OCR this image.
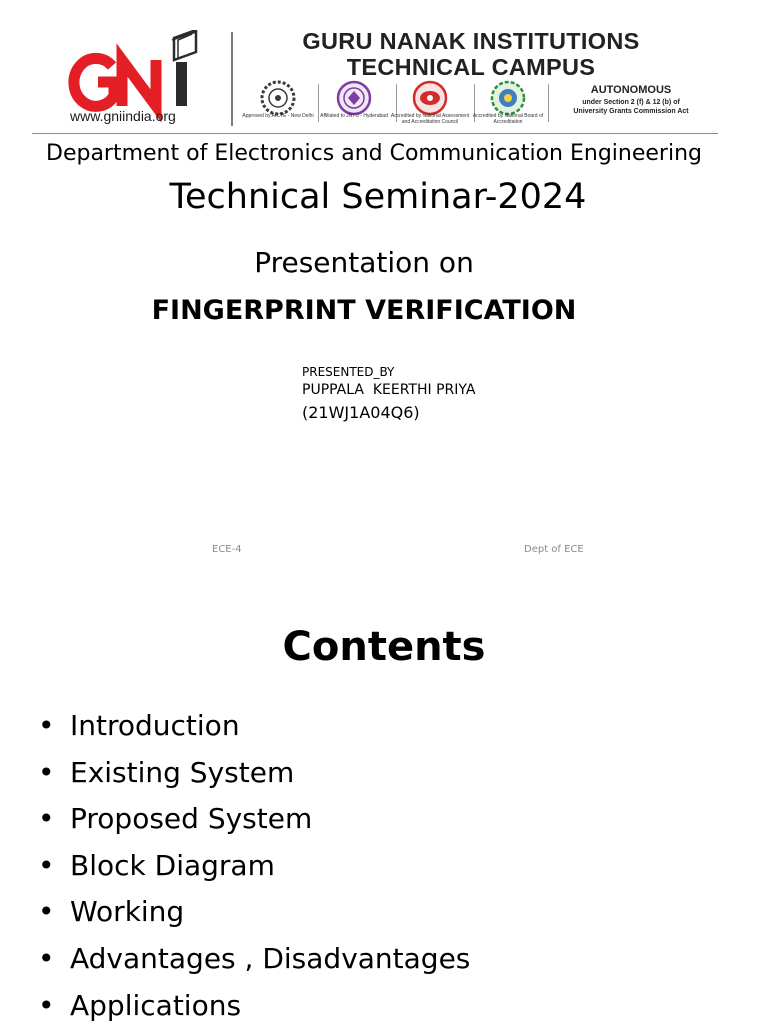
www.gniindia.org
GURU NANAK INSTITUTIONS
TECHNICAL CAMPUS
Approved by AICTE - New Delhi	Affiliated to JNTU - Hyderabad Accredited by National Assessment and Accreditation Council
Accredited by National Board of Accreditation
AUTONOMOUS
under Section 2 (f) & 12 (b) of
University Grants Commission Act
Department of Electronics and Communication Engineering
Technical Seminar-2024
Presentation on
FINGERPRINT VERIFICATION
PRESENTED_BY
PUPPALA  KEERTHI PRIYA
(21WJ1A04Q6)
ECE-4	Dept of ECE
Contents
• Introduction
• Existing System
• Proposed System
• Block Diagram
• Working
• Advantages , Disadvantages
• Applications
